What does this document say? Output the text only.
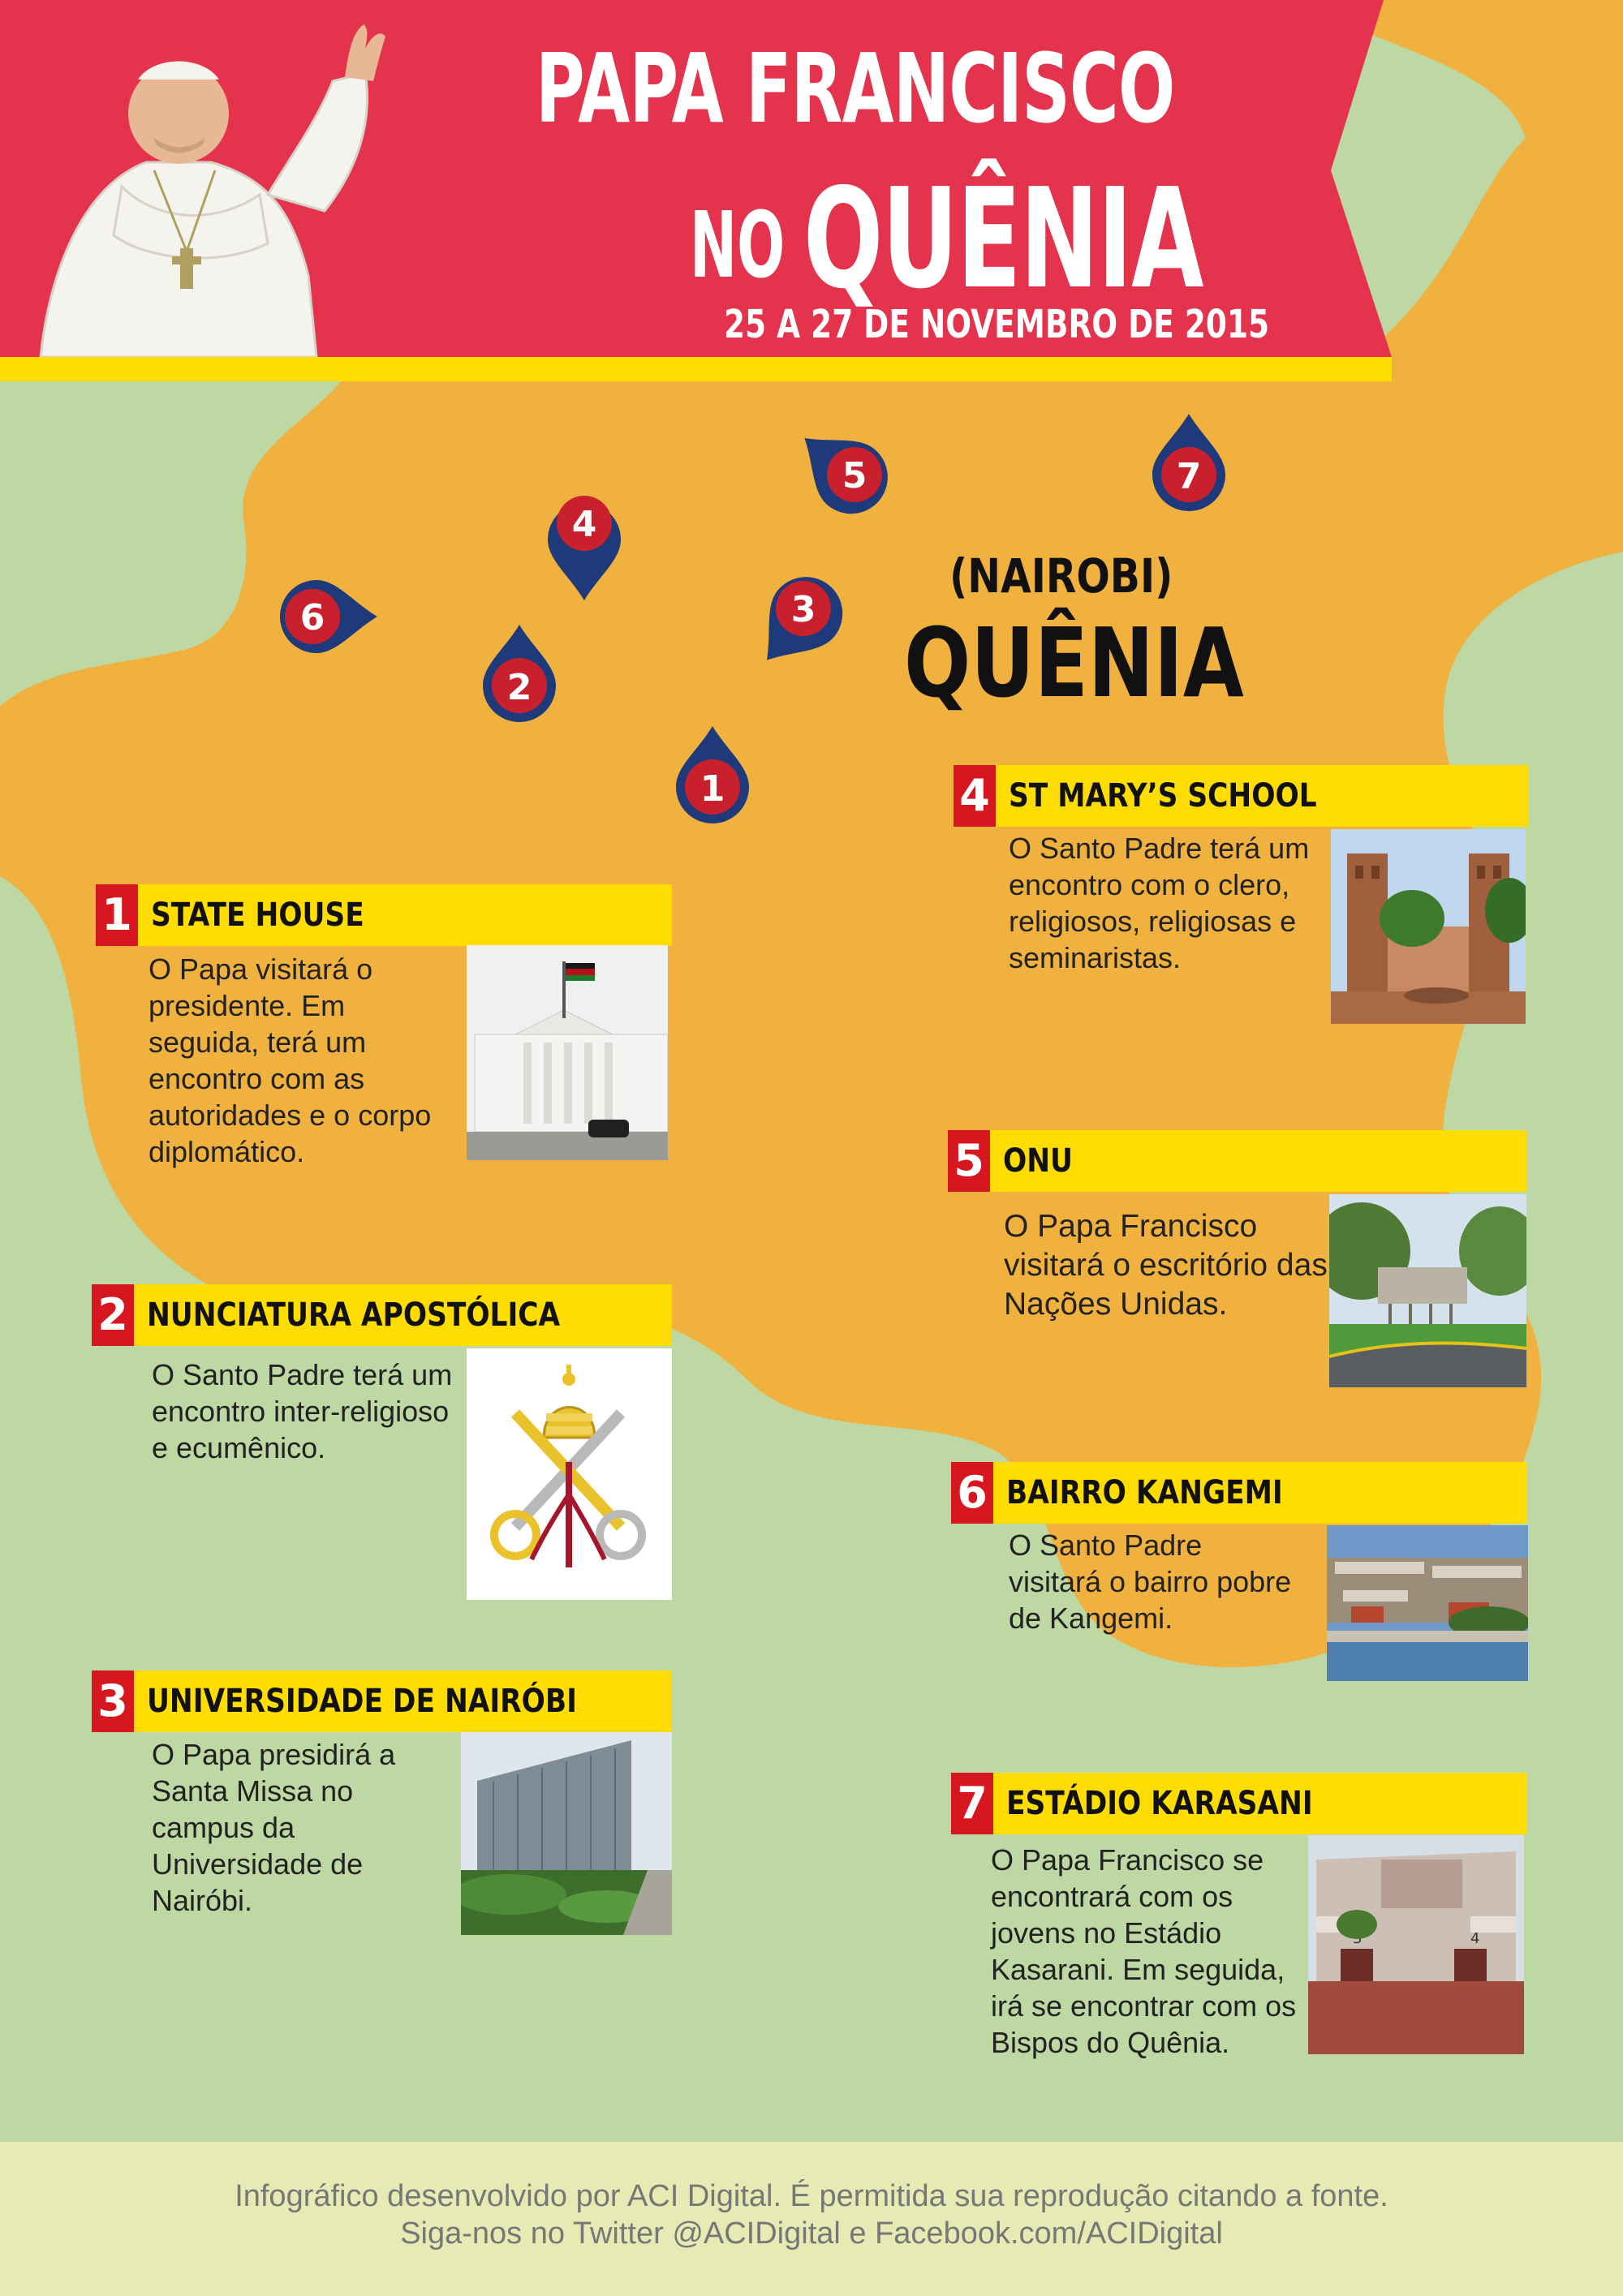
PAPA FRANCISCO
NO QUÊNIA
25 A 27 DE NOVEMBRO DE 2015
(NAIROBI)
QUÊNIA
1
2
3
4
5
6
7
1 STATE HOUSE
O Papa visitará o presidente. Em seguida, terá um encontro com as autoridades e o corpo diplomático.
2 NUNCIATURA APOSTÓLICA
O Santo Padre terá um encontro inter-religioso e ecumênico.
3 UNIVERSIDADE DE NAIRÓBI
O Papa presidirá a Santa Missa no campus da Universidade de Nairóbi.
4 ST MARY’S SCHOOL
O Santo Padre terá um encontro com o clero, religiosos, religiosas e seminaristas.
5 ONU
O Papa Francisco visitará o escritório das Nações Unidas.
6 BAIRRO KANGEMI
O Santo Padre visitará o bairro pobre de Kangemi.
7 ESTÁDIO KARASANI
O Papa Francisco se encontrará com os jovens no Estádio Kasarani. Em seguida, irá se encontrar com os Bispos do Quênia.
4
Infográfico desenvolvido por ACI Digital. É permitida sua reprodução citando a fonte.
Siga-nos no Twitter @ACIDigital e Facebook.com/ACIDigital
